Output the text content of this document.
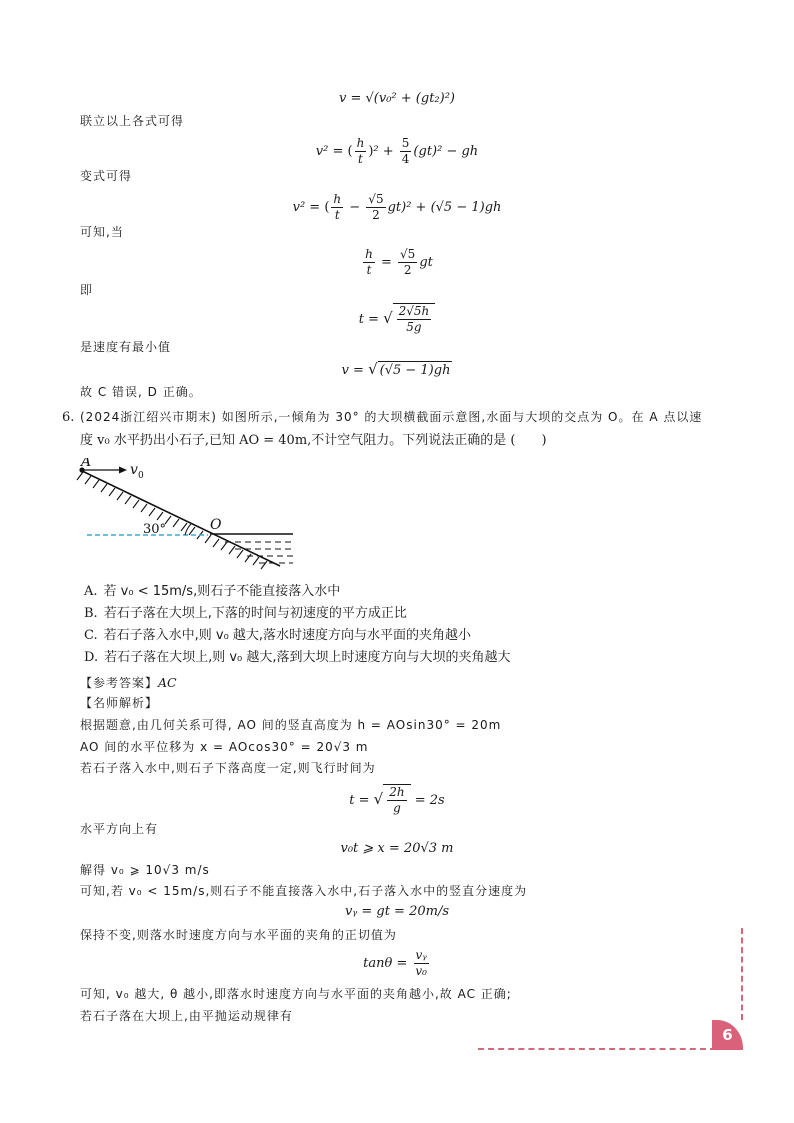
v = √(v₀² + (gt₂)²)
联立以上各式可得
v² = ( $\frac{h}{t} )^2 + \frac{5}{4} (gt)^2$ − gh
变式可得
v² = ( $\frac{h}{t} - \frac{√5}{2} gt)^2 + (√5 - 1)gh$
可知,当
$\frac{h}{t} = \frac{√5}{2}$ gt
即
t = √ $\frac{2√5h}{5g}$
是速度有最小值
v = √ (√5 − 1)gh
故 C 错误, D 正确。
6. (2024浙江绍兴市期末) 如图所示,一倾角为 30° 的大坝横截面示意图,水面与大坝的交点为 O。在 A 点以速
度 v₀ 水平扔出小石子,已知 AO = 40m,不计空气阻力。下列说法正确的是 (　　)
A	v 0
30°	O
A. 若 v₀ < 15m/s,则石子不能直接落入水中
B. 若石子落在大坝上,下落的时间与初速度的平方成正比
C. 若石子落入水中,则 v₀ 越大,落水时速度方向与水平面的夹角越小
D. 若石子落在大坝上,则 v₀ 越大,落到大坝上时速度方向与大坝的夹角越大
【参考答案】AC
【名师解析】
根据题意,由几何关系可得, AO 间的竖直高度为 h = AOsin30° = 20m
AO 间的水平位移为 x = AOcos30° = 20√3 m
若石子落入水中,则石子下落高度一定,则飞行时间为
t = √ $\frac{2h}{g} = 2s$
水平方向上有
v₀t ⩾ x = 20√3 m
解得 v₀ ⩾ 10√3 m/s
可知,若 v₀ < 15m/s,则石子不能直接落入水中,石子落入水中的竖直分速度为
vᵧ = gt = 20m/s
保持不变,则落水时速度方向与水平面的夹角的正切值为
$\tan\theta = \frac{\text{vᵧ}}{\text{v₀}}$
可知, v₀ 越大, θ 越小,即落水时速度方向与水平面的夹角越小,故 AC 正确;
若石子落在大坝上,由平抛运动规律有
6
